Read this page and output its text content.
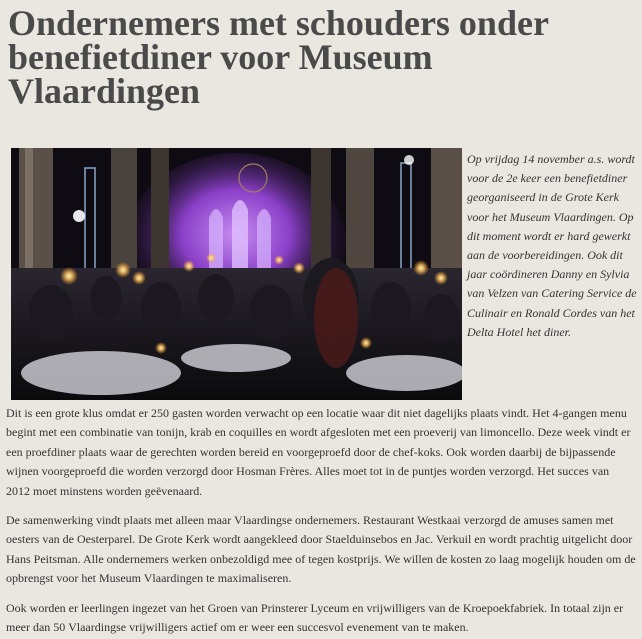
Ondernemers met schouders onder benefietdiner voor Museum Vlaardingen

Op vrijdag 14 november a.s. wordt voor de 2e keer een benefietdiner georganiseerd in de Grote Kerk voor het Museum Vlaardingen. Op dit moment wordt er hard gewerkt aan de voorbereidingen. Ook dit jaar coördineren Danny en Sylvia van Velzen van Catering Service de Culinair en Ronald Cordes van het Delta Hotel het diner.

Dit is een grote klus omdat er 250 gasten worden verwacht op een locatie waar dit niet dagelijks plaats vindt. Het 4-gangen menu begint met een combinatie van tonijn, krab en coquilles en wordt afgesloten met een proeverij van limoncello. Deze week vindt er een proefdiner plaats waar de gerechten worden bereid en voorgeproefd door de chef-koks. Ook worden daarbij de bijpassende wijnen voorgeproefd die worden verzorgd door Hosman Frères. Alles moet tot in de puntjes worden verzorgd. Het succes van 2012 moet minstens worden geëvenaard.

De samenwerking vindt plaats met alleen maar Vlaardingse ondernemers. Restaurant Westkaai verzorgd de amuses samen met oesters van de Oesterparel. De Grote Kerk wordt aangekleed door Staelduinsebos en Jac. Verkuil en wordt prachtig uitgelicht door Hans Peitsman. Alle ondernemers werken onbezoldigd mee of tegen kostprijs. We willen de kosten zo laag mogelijk houden om de opbrengst voor het Museum Vlaardingen te maximaliseren.

Ook worden er leerlingen ingezet van het Groen van Prinsterer Lyceum en vrijwilligers van de Kroepoekfabriek. In totaal zijn er meer dan 50 Vlaardingse vrijwilligers actief om er weer een succesvol evenement van te maken.
